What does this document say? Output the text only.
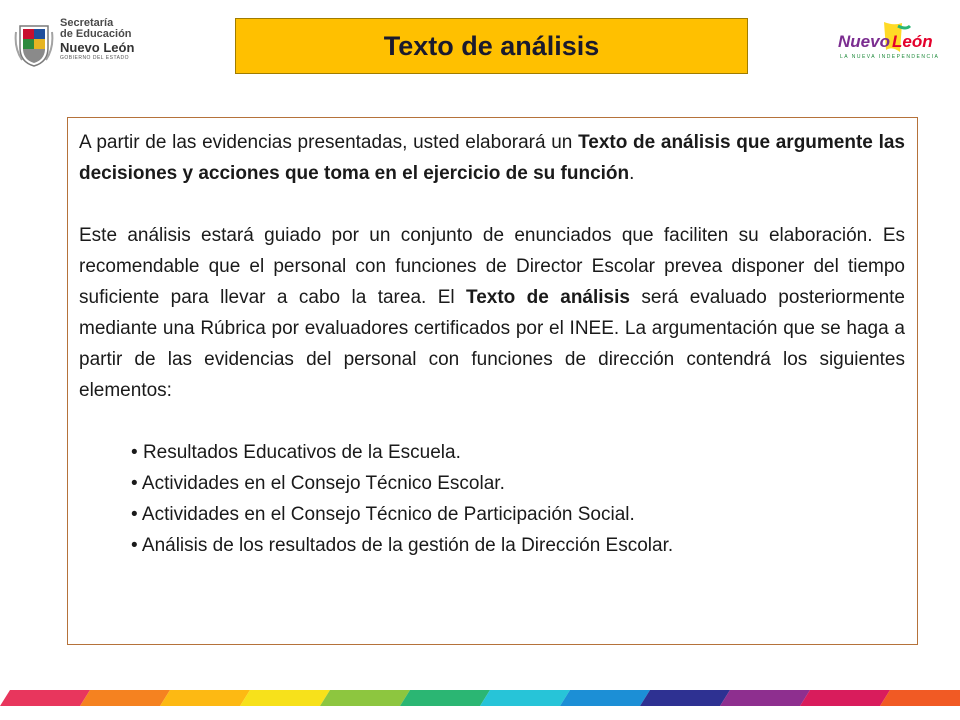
Secretaría
de Educación
Nuevo León
GOBIERNO DEL ESTADO	Texto de análisis	Nuevo León
LA NUEVA INDEPENDENCIA

A partir de las evidencias presentadas, usted elaborará un Texto de análisis que argumente las decisiones y acciones que toma en el ejercicio de su función.

Este análisis estará guiado por un conjunto de enunciados que faciliten su elaboración. Es recomendable que el personal con funciones de Director Escolar prevea disponer del tiempo suficiente para llevar a cabo la tarea. El Texto de análisis será evaluado posteriormente mediante una Rúbrica por evaluadores certificados por el INEE. La argumentación que se haga a partir de las evidencias del personal con funciones de dirección contendrá los siguientes elementos:

• Resultados Educativos de la Escuela.
• Actividades en el Consejo Técnico Escolar.
• Actividades en el Consejo Técnico de Participación Social.
• Análisis de los resultados de la gestión de la Dirección Escolar.
